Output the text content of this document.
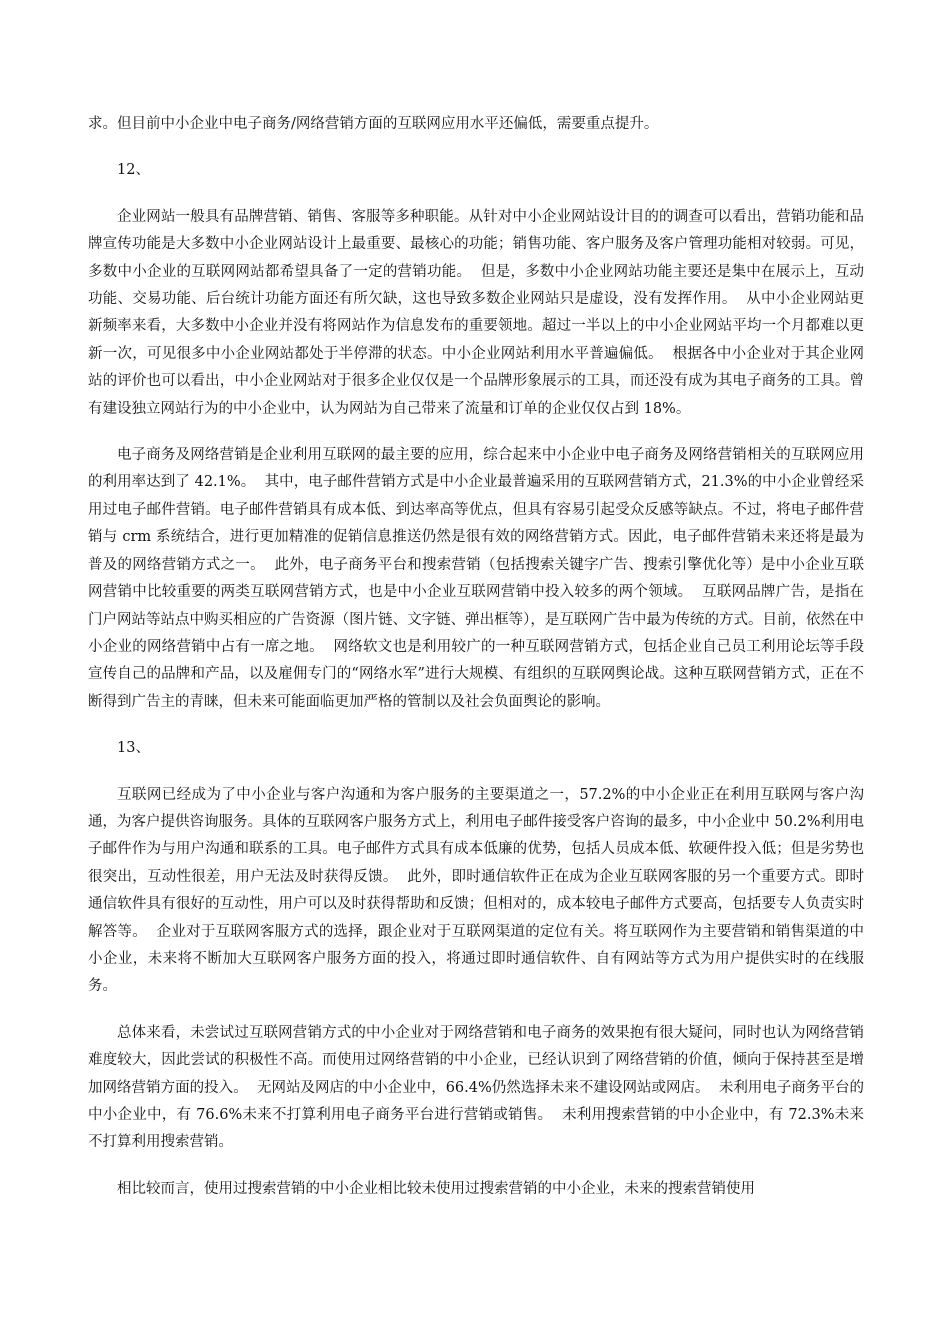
求。但目前中小企业中电子商务/网络营销方面的互联网应用水平还偏低，需要重点提升。

12、

企业网站一般具有品牌营销、销售、客服等多种职能。从针对中小企业网站设计目的的调查可以看出，营销功能和品牌宣传功能是大多数中小企业网站设计上最重要、最核心的功能；销售功能、客户服务及客户管理功能相对较弱。可见，多数中小企业的互联网网站都希望具备了一定的营销功能。  但是，多数中小企业网站功能主要还是集中在展示上，互动功能、交易功能、后台统计功能方面还有所欠缺，这也导致多数企业网站只是虚设，没有发挥作用。  从中小企业网站更新频率来看，大多数中小企业并没有将网站作为信息发布的重要领地。超过一半以上的中小企业网站平均一个月都难以更新一次，可见很多中小企业网站都处于半停滞的状态。中小企业网站利用水平普遍偏低。  根据各中小企业对于其企业网站的评价也可以看出，中小企业网站对于很多企业仅仅是一个品牌形象展示的工具，而还没有成为其电子商务的工具。曾有建设独立网站行为的中小企业中，认为网站为自己带来了流量和订单的企业仅仅占到 18%。

电子商务及网络营销是企业利用互联网的最主要的应用，综合起来中小企业中电子商务及网络营销相关的互联网应用的利用率达到了 42.1%。  其中，电子邮件营销方式是中小企业最普遍采用的互联网营销方式，21.3%的中小企业曾经采用过电子邮件营销。电子邮件营销具有成本低、到达率高等优点，但具有容易引起受众反感等缺点。不过，将电子邮件营销与 crm 系统结合，进行更加精准的促销信息推送仍然是很有效的网络营销方式。因此，电子邮件营销未来还将是最为普及的网络营销方式之一。  此外，电子商务平台和搜索营销（包括搜索关键字广告、搜索引擎优化等）是中小企业互联网营销中比较重要的两类互联网营销方式，也是中小企业互联网营销中投入较多的两个领域。  互联网品牌广告，是指在门户网站等站点中购买相应的广告资源（图片链、文字链、弹出框等），是互联网广告中最为传统的方式。目前，依然在中小企业的网络营销中占有一席之地。  网络软文也是利用较广的一种互联网营销方式，包括企业自己员工利用论坛等手段宣传自己的品牌和产品，以及雇佣专门的“网络水军”进行大规模、有组织的互联网舆论战。这种互联网营销方式，正在不断得到广告主的青睐，但未来可能面临更加严格的管制以及社会负面舆论的影响。

13、

互联网已经成为了中小企业与客户沟通和为客户服务的主要渠道之一，57.2%的中小企业正在利用互联网与客户沟通，为客户提供咨询服务。具体的互联网客户服务方式上，利用电子邮件接受客户咨询的最多，中小企业中 50.2%利用电子邮件作为与用户沟通和联系的工具。电子邮件方式具有成本低廉的优势，包括人员成本低、软硬件投入低；但是劣势也很突出，互动性很差，用户无法及时获得反馈。  此外，即时通信软件正在成为企业互联网客服的另一个重要方式。即时通信软件具有很好的互动性，用户可以及时获得帮助和反馈；但相对的，成本较电子邮件方式要高，包括要专人负责实时解答等。  企业对于互联网客服方式的选择，跟企业对于互联网渠道的定位有关。将互联网作为主要营销和销售渠道的中小企业，未来将不断加大互联网客户服务方面的投入，将通过即时通信软件、自有网站等方式为用户提供实时的在线服务。

总体来看，未尝试过互联网营销方式的中小企业对于网络营销和电子商务的效果抱有很大疑问，同时也认为网络营销难度较大，因此尝试的积极性不高。而使用过网络营销的中小企业，已经认识到了网络营销的价值，倾向于保持甚至是增加网络营销方面的投入。  无网站及网店的中小企业中，66.4%仍然选择未来不建设网站或网店。  未利用电子商务平台的中小企业中，有 76.6%未来不打算利用电子商务平台进行营销或销售。  未利用搜索营销的中小企业中，有 72.3%未来不打算利用搜索营销。

相比较而言，使用过搜索营销的中小企业相比较未使用过搜索营销的中小企业，未来的搜索营销使用
